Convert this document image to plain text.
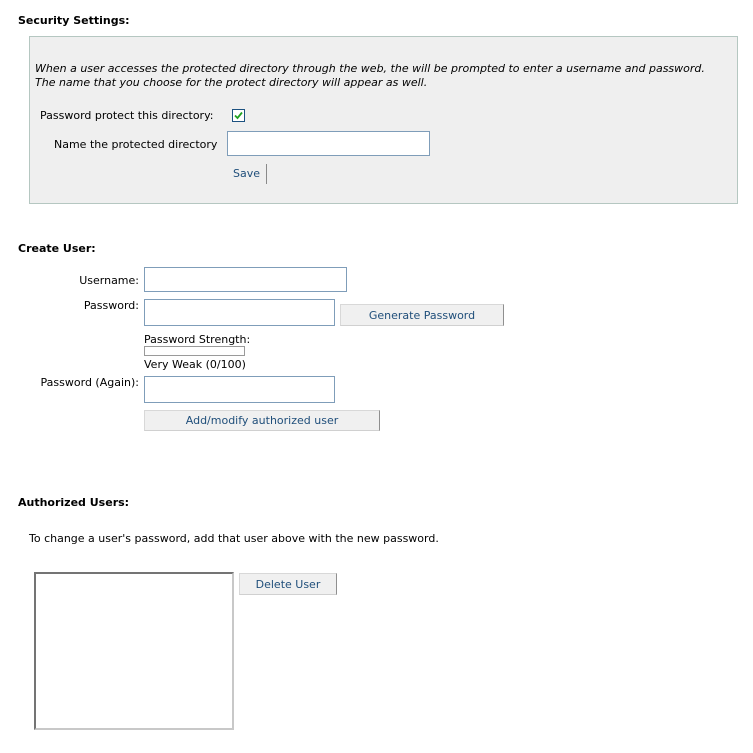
Security Settings:
When a user accesses the protected directory through the web, the will be prompted to enter a username and password.
The name that you choose for the protect directory will appear as well.
Password protect this directory:
Name the protected directory
Save
Create User:
Username:
Password:
Generate Password
Password Strength:
Very Weak (0/100)
Password (Again):
Add/modify authorized user
Authorized Users:
To change a user's password, add that user above with the new password.
Delete User
